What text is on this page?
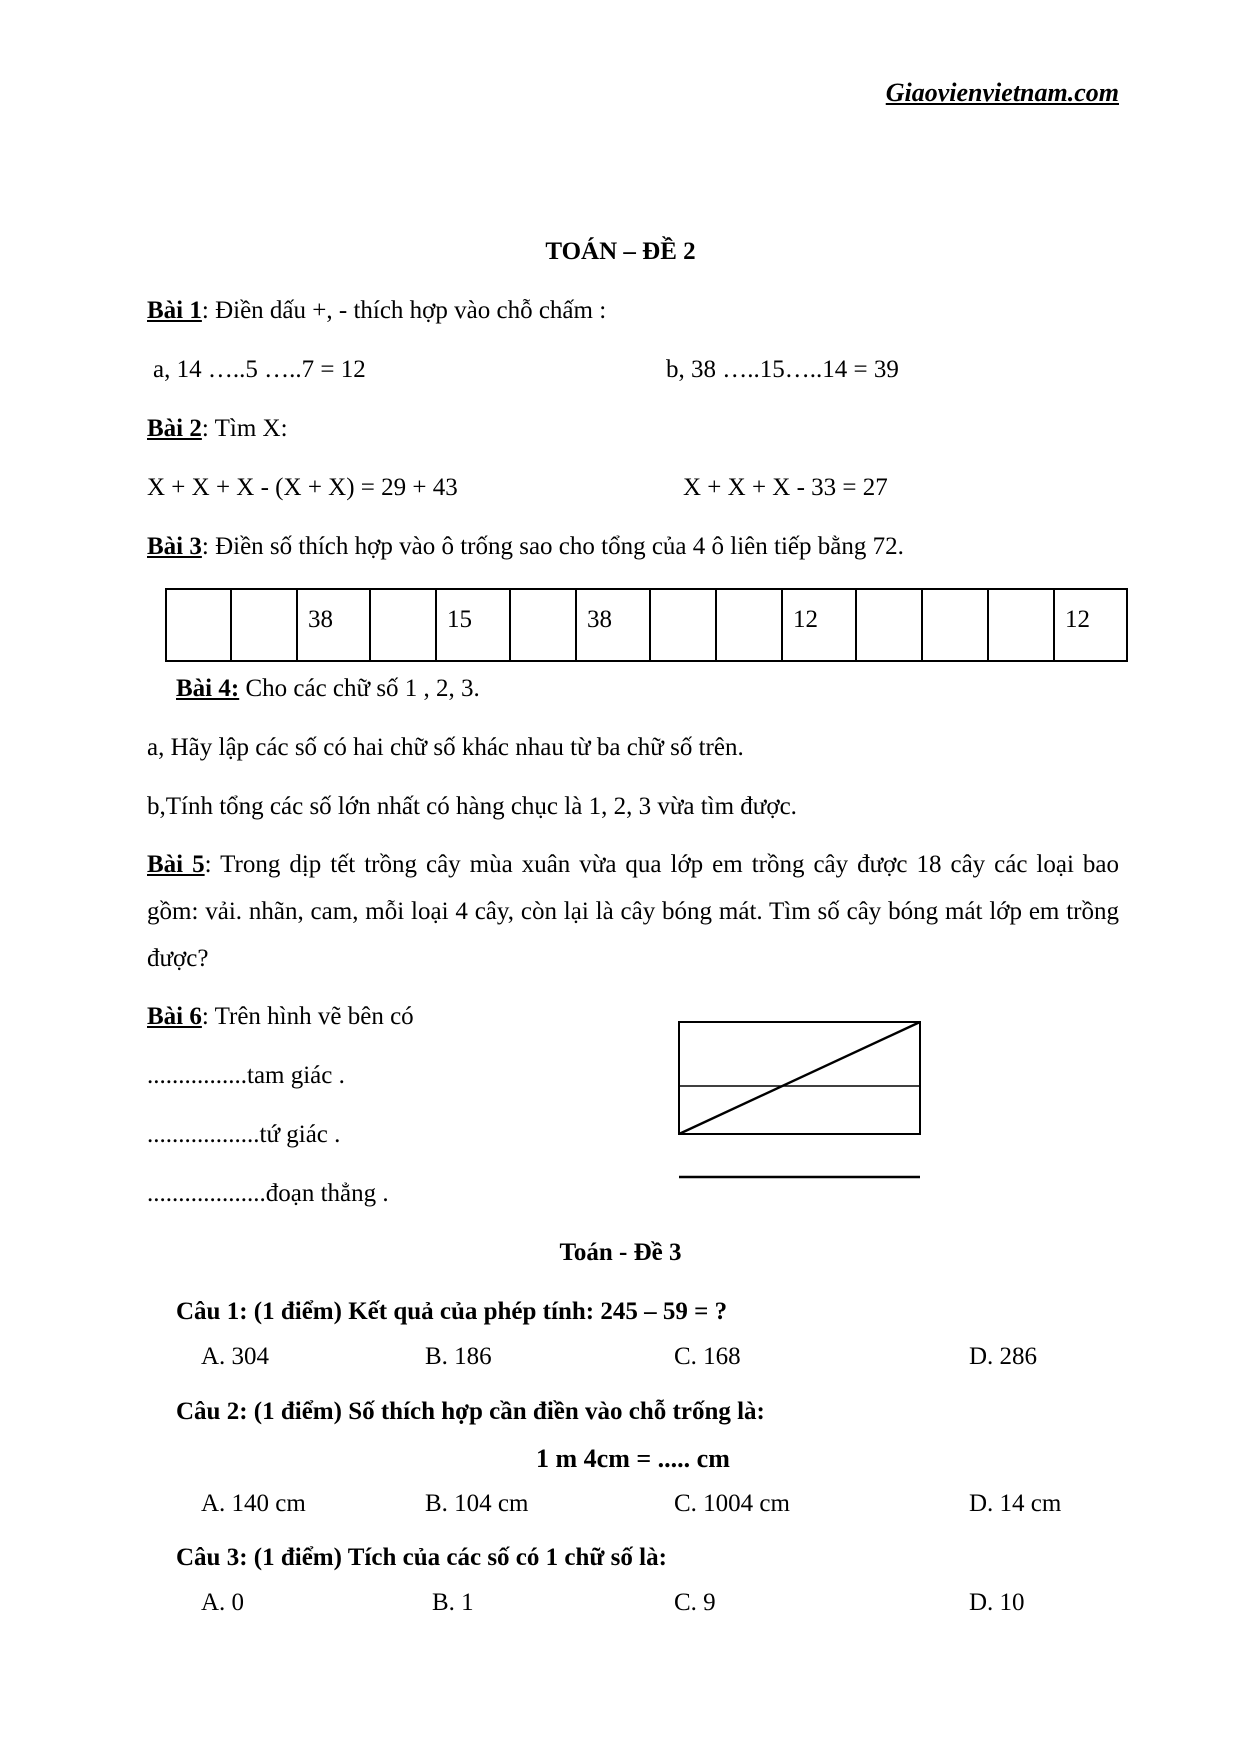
Giaovienvietnam.com
TOÁN – ĐỀ 2
Bài 1: Điền dấu +, - thích hợp vào chỗ chấm :
a, 14 …..5 …..7 = 12	b, 38 …..15…..14 = 39
Bài 2: Tìm X:
X + X + X - (X + X) = 29 + 43	X + X + X - 33 = 27
Bài 3: Điền số thích hợp vào ô trống sao cho tổng của 4 ô liên tiếp bằng 72.
		38		15		38			12				12
Bài 4: Cho các chữ số 1 , 2, 3.
a, Hãy lập các số có hai chữ số khác nhau từ ba chữ số trên.
b,Tính tổng các số lớn nhất có hàng chục là 1, 2, 3 vừa tìm được.
Bài 5: Trong dịp tết trồng cây mùa xuân vừa qua lớp em trồng cây được 18 cây các loại bao gồm: vải. nhãn, cam, mỗi loại 4 cây, còn lại là cây bóng mát. Tìm số cây bóng mát lớp em trồng được?
Bài 6: Trên hình vẽ bên có
................tam giác .
..................tứ giác .
...................đoạn thẳng .
Toán - Đề 3
Câu 1: (1 điểm) Kết quả của phép tính: 245 – 59 = ?
A. 304	B. 186	C. 168	D. 286
Câu 2: (1 điểm) Số thích hợp cần điền vào chỗ trống là:
1 m 4cm = ..... cm
A. 140 cm	B. 104 cm	C. 1004 cm	D. 14 cm
Câu 3: (1 điểm) Tích của các số có 1 chữ số là:
A. 0	B. 1	C. 9	D. 10
